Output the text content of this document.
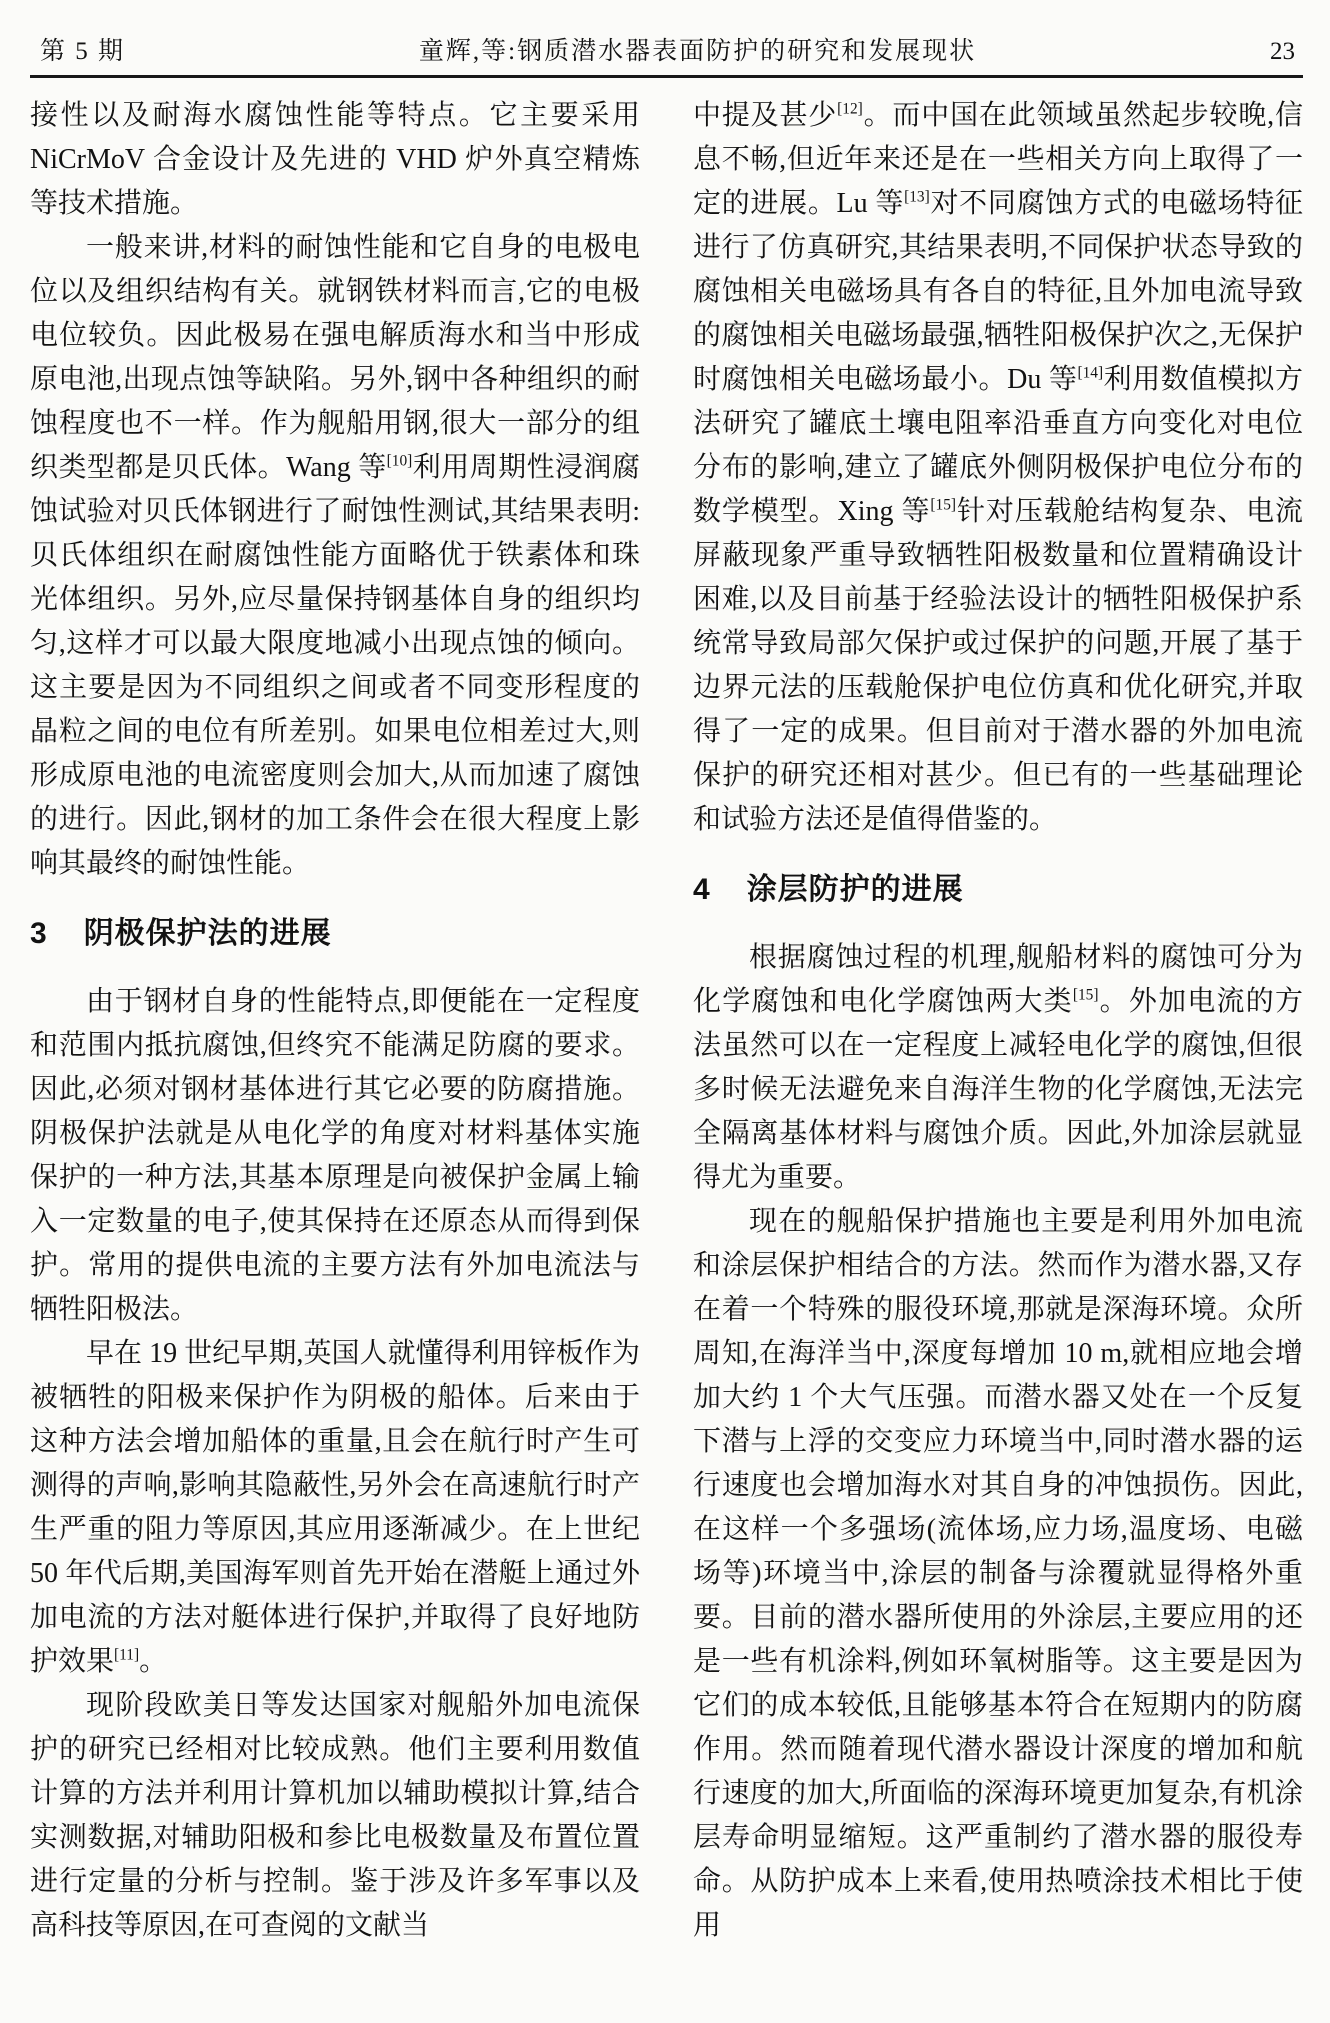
第 5 期	童辉,等:钢质潜水器表面防护的研究和发展现状	23

接性以及耐海水腐蚀性能等特点。它主要采用 NiCrMoV 合金设计及先进的 VHD 炉外真空精炼等技术措施。

一般来讲,材料的耐蚀性能和它自身的电极电位以及组织结构有关。就钢铁材料而言,它的电极电位较负。因此极易在强电解质海水和当中形成原电池,出现点蚀等缺陷。另外,钢中各种组织的耐蚀程度也不一样。作为舰船用钢,很大一部分的组织类型都是贝氏体。Wang 等[10]利用周期性浸润腐蚀试验对贝氏体钢进行了耐蚀性测试,其结果表明:贝氏体组织在耐腐蚀性能方面略优于铁素体和珠光体组织。另外,应尽量保持钢基体自身的组织均匀,这样才可以最大限度地减小出现点蚀的倾向。这主要是因为不同组织之间或者不同变形程度的晶粒之间的电位有所差别。如果电位相差过大,则形成原电池的电流密度则会加大,从而加速了腐蚀的进行。因此,钢材的加工条件会在很大程度上影响其最终的耐蚀性能。

3 阴极保护法的进展

由于钢材自身的性能特点,即便能在一定程度和范围内抵抗腐蚀,但终究不能满足防腐的要求。因此,必须对钢材基体进行其它必要的防腐措施。阴极保护法就是从电化学的角度对材料基体实施保护的一种方法,其基本原理是向被保护金属上输入一定数量的电子,使其保持在还原态从而得到保护。常用的提供电流的主要方法有外加电流法与牺牲阳极法。

早在 19 世纪早期,英国人就懂得利用锌板作为被牺牲的阳极来保护作为阴极的船体。后来由于这种方法会增加船体的重量,且会在航行时产生可测得的声响,影响其隐蔽性,另外会在高速航行时产生严重的阻力等原因,其应用逐渐减少。在上世纪 50 年代后期,美国海军则首先开始在潜艇上通过外加电流的方法对艇体进行保护,并取得了良好地防护效果[11]。

现阶段欧美日等发达国家对舰船外加电流保护的研究已经相对比较成熟。他们主要利用数值计算的方法并利用计算机加以辅助模拟计算,结合实测数据,对辅助阳极和参比电极数量及布置位置进行定量的分析与控制。鉴于涉及许多军事以及高科技等原因,在可查阅的文献当

中提及甚少[12]。而中国在此领域虽然起步较晚,信息不畅,但近年来还是在一些相关方向上取得了一定的进展。Lu 等[13]对不同腐蚀方式的电磁场特征进行了仿真研究,其结果表明,不同保护状态导致的腐蚀相关电磁场具有各自的特征,且外加电流导致的腐蚀相关电磁场最强,牺牲阳极保护次之,无保护时腐蚀相关电磁场最小。Du 等[14]利用数值模拟方法研究了罐底土壤电阻率沿垂直方向变化对电位分布的影响,建立了罐底外侧阴极保护电位分布的数学模型。Xing 等[15]针对压载舱结构复杂、电流屏蔽现象严重导致牺牲阳极数量和位置精确设计困难,以及目前基于经验法设计的牺牲阳极保护系统常导致局部欠保护或过保护的问题,开展了基于边界元法的压载舱保护电位仿真和优化研究,并取得了一定的成果。但目前对于潜水器的外加电流保护的研究还相对甚少。但已有的一些基础理论和试验方法还是值得借鉴的。

4 涂层防护的进展

根据腐蚀过程的机理,舰船材料的腐蚀可分为化学腐蚀和电化学腐蚀两大类[15]。外加电流的方法虽然可以在一定程度上减轻电化学的腐蚀,但很多时候无法避免来自海洋生物的化学腐蚀,无法完全隔离基体材料与腐蚀介质。因此,外加涂层就显得尤为重要。

现在的舰船保护措施也主要是利用外加电流和涂层保护相结合的方法。然而作为潜水器,又存在着一个特殊的服役环境,那就是深海环境。众所周知,在海洋当中,深度每增加 10 m,就相应地会增加大约 1 个大气压强。而潜水器又处在一个反复下潜与上浮的交变应力环境当中,同时潜水器的运行速度也会增加海水对其自身的冲蚀损伤。因此,在这样一个多强场(流体场,应力场,温度场、电磁场等)环境当中,涂层的制备与涂覆就显得格外重要。目前的潜水器所使用的外涂层,主要应用的还是一些有机涂料,例如环氧树脂等。这主要是因为它们的成本较低,且能够基本符合在短期内的防腐作用。然而随着现代潜水器设计深度的增加和航行速度的加大,所面临的深海环境更加复杂,有机涂层寿命明显缩短。这严重制约了潜水器的服役寿命。从防护成本上来看,使用热喷涂技术相比于使用
